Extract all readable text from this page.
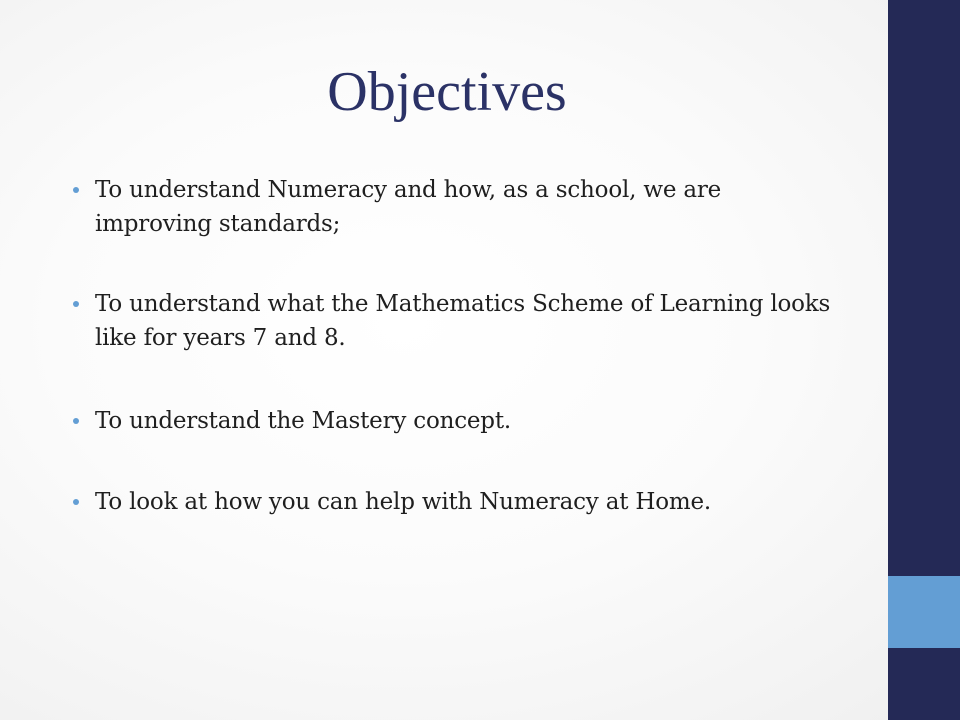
Objectives
To understand Numeracy and how, as a school, we are improving standards;
To understand what the Mathematics Scheme of Learning looks like for years 7 and 8.
To understand the Mastery concept.
To look at how you can help with Numeracy at Home.
